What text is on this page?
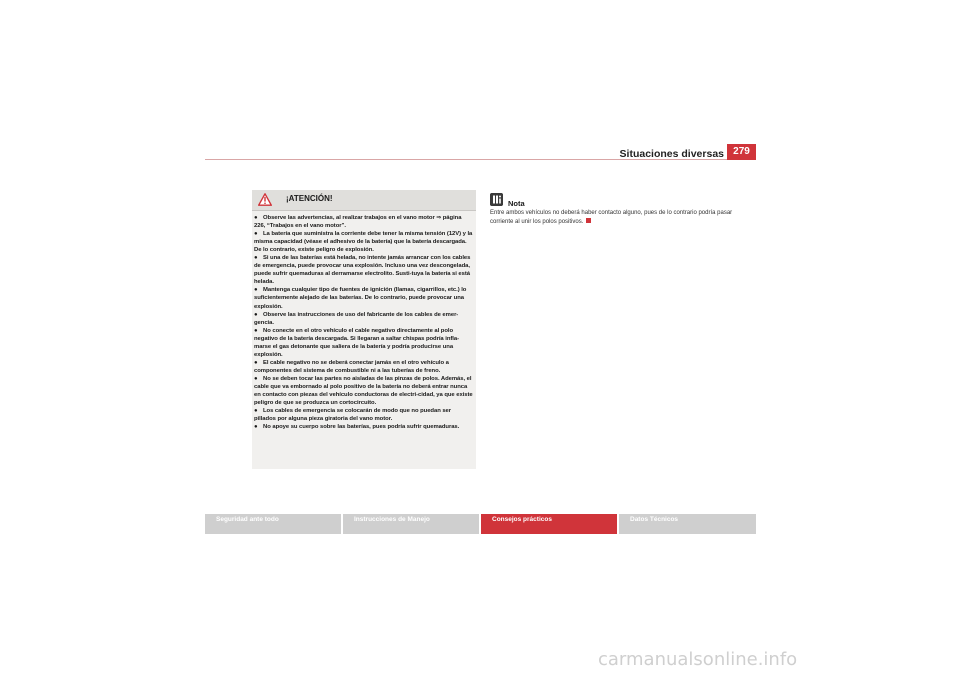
Situaciones diversas 279
¡ATENCIÓN!
● Observe las advertencias, al realizar trabajos en el vano motor ⇒ página 226, “Trabajos en el vano motor”.
● La batería que suministra la corriente debe tener la misma tensión (12V) y la misma capacidad (véase el adhesivo de la batería) que la batería descargada. De lo contrario, existe peligro de explosión.
● Si una de las baterías está helada, no intente jamás arrancar con los cables de emergencia, puede provocar una explosión. Incluso una vez descongelada, puede sufrir quemaduras al derramarse electrolito. Susti-tuya la batería si está helada.
● Mantenga cualquier tipo de fuentes de ignición (llamas, cigarrillos, etc.) lo suficientemente alejado de las baterías. De lo contrario, puede provocar una explosión.
● Observe las instrucciones de uso del fabricante de los cables de emer-gencia.
● No conecte en el otro vehículo el cable negativo directamente al polo negativo de la batería descargada. Si llegaran a saltar chispas podría infla-marse el gas detonante que saliera de la batería y podría producirse una explosión.
● El cable negativo no se deberá conectar jamás en el otro vehículo a componentes del sistema de combustible ni a las tuberías de freno.
● No se deben tocar las partes no aisladas de las pinzas de polos. Además, el cable que va embornado al polo positivo de la batería no deberá entrar nunca en contacto con piezas del vehículo conductoras de electri-cidad, ya que existe peligro de que se produzca un cortocircuito.
● Los cables de emergencia se colocarán de modo que no puedan ser pillados por alguna pieza giratoria del vano motor.
● No apoye su cuerpo sobre las baterías, pues podría sufrir quemaduras.
Nota
Entre ambos vehículos no deberá haber contacto alguno, pues de lo contrario podría pasar corriente al unir los polos positivos.
Seguridad ante todo	Instrucciones de Manejo	Consejos prácticos	Datos Técnicos
carmanualsonline.info
